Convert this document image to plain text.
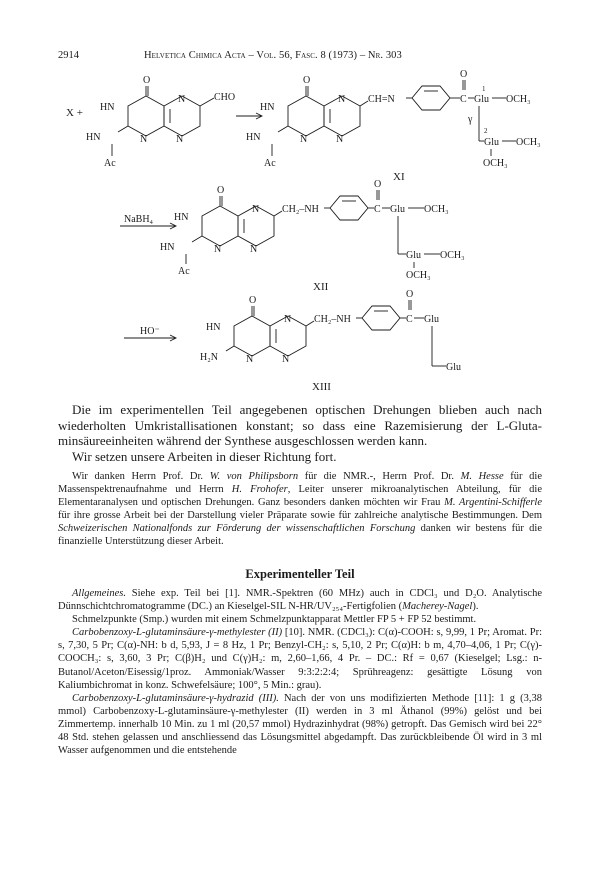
2914	Helvetica Chimica Acta – Vol. 56, Fasc. 8 (1973) – Nr. 303
X +
O
HN
N
N	N
HN
Ac
CHO
O
HN
N
N	N
HN
Ac
CH=N	C
O
1
Glu OCH₃
γ
2
Glu OCH₃
OCH₃
XI
NaBH₄
O
HN
N
N	N
HN
Ac
CH₂–NH	C
O
Glu OCH₃
Glu OCH₃
OCH₃
XII
HO⁻
O
HN
N
N	N
H₂N
CH₂–NH	C
O
Glu
Glu
XIII
Die im experimentellen Teil angegebenen optischen Drehungen blieben auch nach
wiederholten Umkristallisationen konstant; so dass eine Razemisierung der L-Gluta-
minsäureeinheiten während der Synthese ausgeschlossen werden kann.
Wir setzen unsere Arbeiten in dieser Richtung fort.
Wir danken Herrn Prof. Dr. W. von Philipsborn für die NMR.-, Herrn Prof. Dr. M. Hesse für die Massenspektrenaufnahme und Herrn H. Frohofer, Leiter unserer mikroanalytischen Abteilung, für die Elementaranalysen und optischen Drehungen. Ganz besonders danken möchten wir Frau M. Argentini-Schifferle für ihre grosse Arbeit bei der Darstellung vieler Präparate sowie für zahlreiche analytische Bestimmungen. Dem Schweizerischen Nationalfonds zur Förderung der wissenschaftlichen Forschung danken wir bestens für die finanzielle Unterstützung dieser Arbeit.
Experimenteller Teil

Allgemeines. Siehe exp. Teil bei [1]. NMR.-Spektren (60 MHz) auch in CDCl₃ und D₂O. Analytische Dünnschichtchromatogramme (DC.) an Kieselgel-SIL N-HR/UV₂₅₄-Fertigfolien (Macherey-Nagel).

Schmelzpunkte (Smp.) wurden mit einem Schmelzpunktapparat Mettler FP 5 + FP 52 bestimmt.

Carbobenzoxy-L-glutaminsäure-γ-methylester (II) [10]. NMR. (CDCl₃): C(α)-COOH: s, 9,99, 1 Pr; Aromat. Pr: s, 7,30, 5 Pr; C(α)-NH: b d, 5,93, J = 8 Hz, 1 Pr; Benzyl-CH₂: s, 5,10, 2 Pr; C(α)H: b m, 4,70–4,06, 1 Pr; C(γ)-COOCH₃: s, 3,60, 3 Pr; C(β)H₂ und C(γ)H₂: m, 2,60–1,66, 4 Pr. – DC.: Rf = 0,67 (Kieselgel; Lsg.: n-Butanol/Aceton/Eisessig/1proz. Ammoniak/Wasser 9:3:2:2:4; Sprühreagenz: gesättigte Lösung von Kaliumbichromat in konz. Schwefelsäure; 100°, 5 Min.: grau).

Carbobenzoxy-L-glutaminsäure-γ-hydrazid (III). Nach der von uns modifizierten Methode [11]: 1 g (3,38 mmol) Carbobenzoxy-L-glutaminsäure-γ-methylester (II) werden in 3 ml Äthanol (99%) gelöst und bei Zimmertemp. innerhalb 10 Min. zu 1 ml (20,57 mmol) Hydrazinhydrat (98%) getropft. Das Gemisch wird bei 22° 48 Std. stehen gelassen und anschliessend das Lösungsmittel abgedampft. Das zurückbleibende Öl wird in 3 ml Wasser aufgenommen und die entstehende
